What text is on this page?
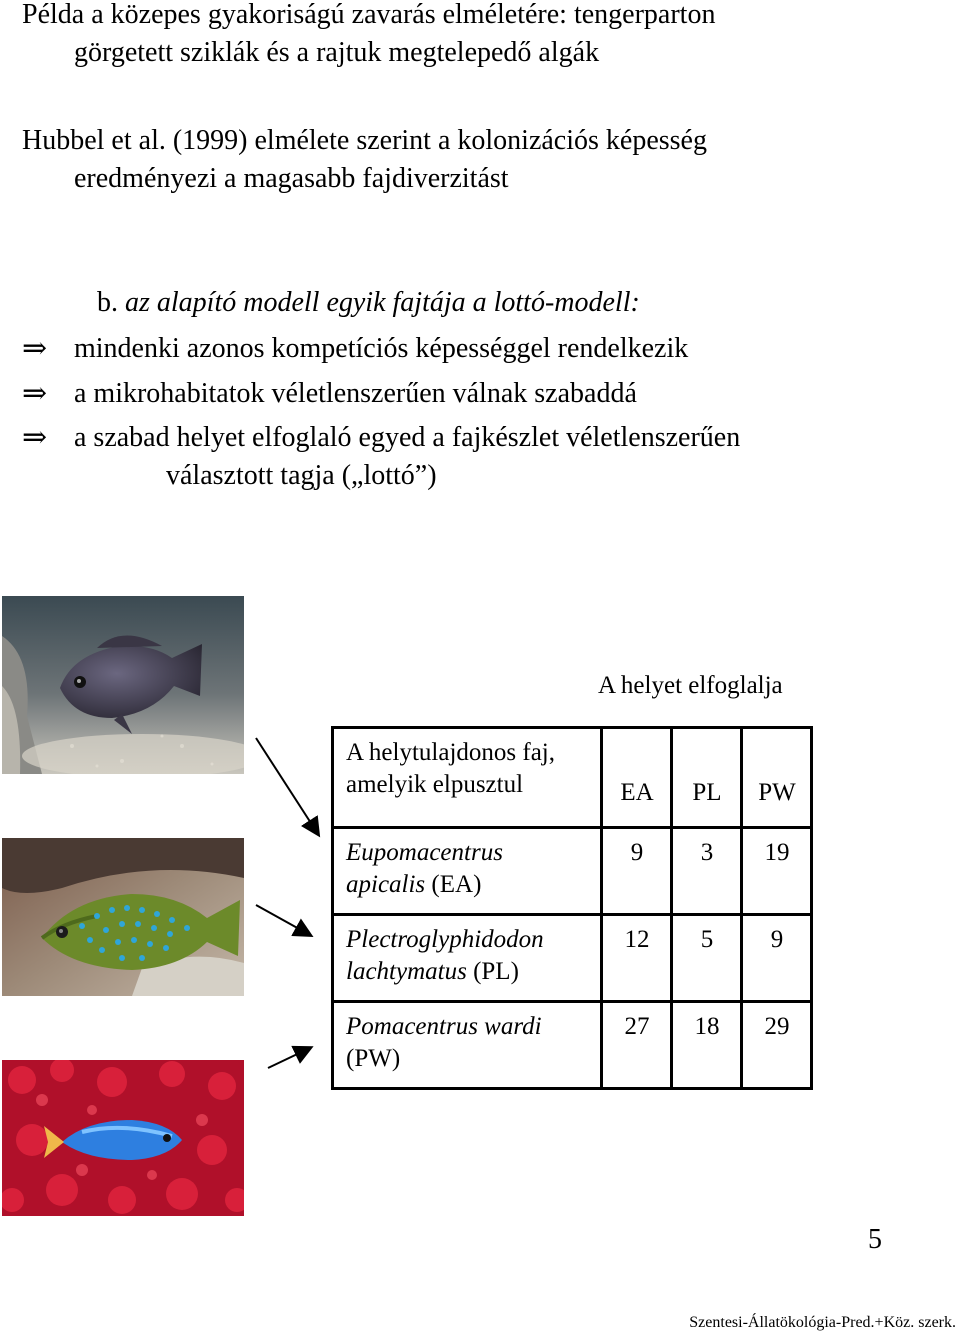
Példa a közepes gyakoriságú zavarás elméletére: tengerparton
görgetett sziklák és a rajtuk megtelepedő algák
Hubbel et al. (1999) elmélete szerint a kolonizációs képesség
eredményezi a magasabb fajdiverzitást
b. az alapító modell egyik fajtája a lottó-modell:
⇒ mindenki azonos kompetíciós képességgel rendelkezik
⇒ a mikrohabitatok véletlenszerűen válnak szabaddá
⇒ a szabad helyet elfoglaló egyed a fajkészlet véletlenszerűen
választott tagja („lottó”)
A helyet elfoglalja
A helytulajdonos faj,
amelyik elpusztul	EA	PL	PW
Eupomacentrus
apicalis (EA)
9	3	19
Plectroglyphidodon
lachtymatus (PL)
12	5	9
Pomacentrus wardi
(PW)
27	18	29
5
Szentesi-Állatökológia-Pred.+Köz. szerk.
